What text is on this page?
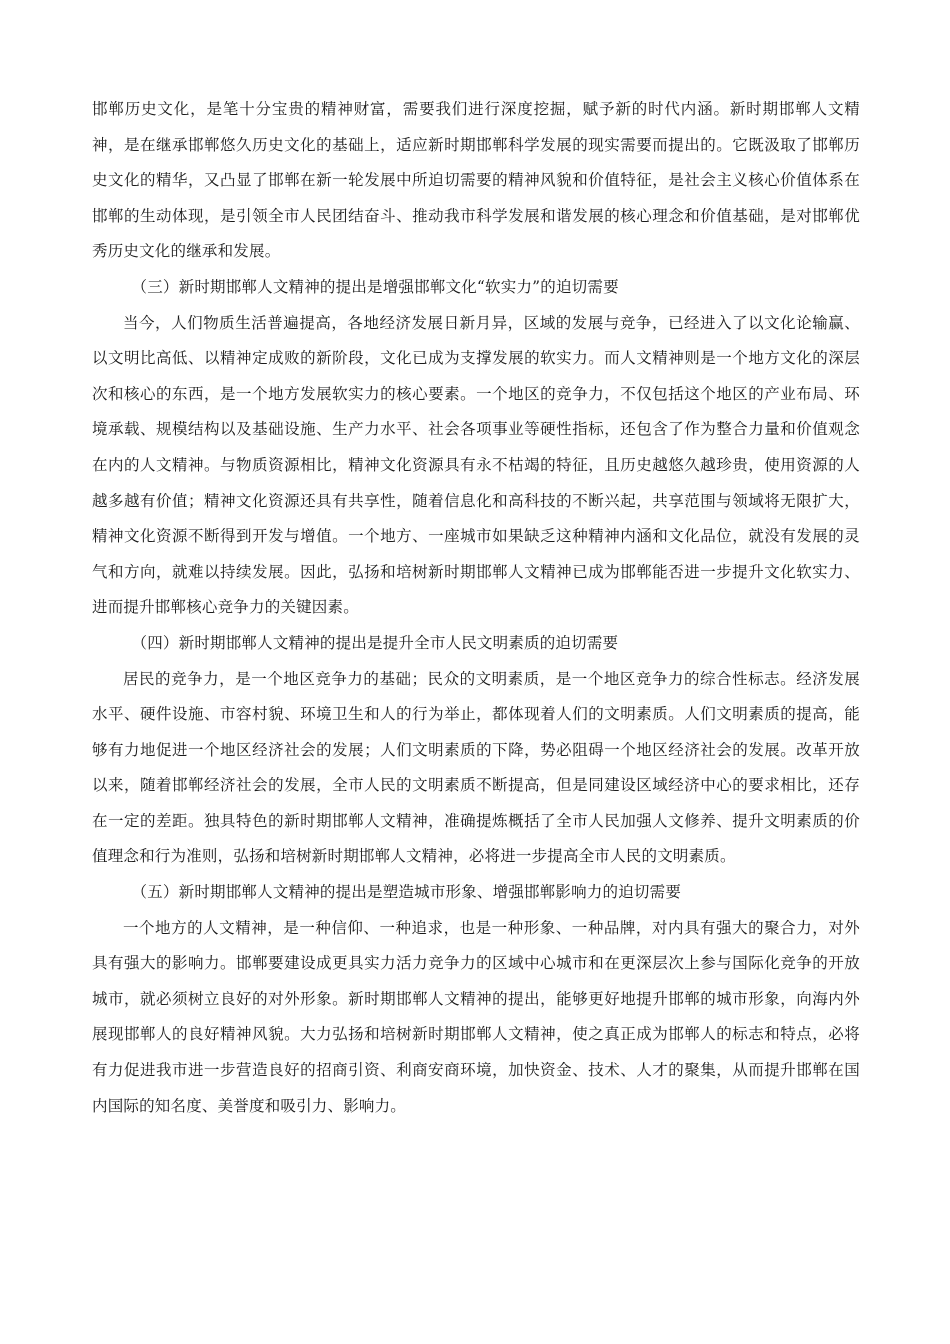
邯郸历史文化，是笔十分宝贵的精神财富，需要我们进行深度挖掘，赋予新的时代内涵。新时期邯郸人文精神，是在继承邯郸悠久历史文化的基础上，适应新时期邯郸科学发展的现实需要而提出的。它既汲取了邯郸历史文化的精华，又凸显了邯郸在新一轮发展中所迫切需要的精神风貌和价值特征，是社会主义核心价值体系在邯郸的生动体现，是引领全市人民团结奋斗、推动我市科学发展和谐发展的核心理念和价值基础，是对邯郸优秀历史文化的继承和发展。

（三）新时期邯郸人文精神的提出是增强邯郸文化“软实力”的迫切需要

当今，人们物质生活普遍提高，各地经济发展日新月异，区域的发展与竞争，已经进入了以文化论输赢、以文明比高低、以精神定成败的新阶段，文化已成为支撑发展的软实力。而人文精神则是一个地方文化的深层次和核心的东西，是一个地方发展软实力的核心要素。一个地区的竞争力，不仅包括这个地区的产业布局、环境承载、规模结构以及基础设施、生产力水平、社会各项事业等硬性指标，还包含了作为整合力量和价值观念在内的人文精神。与物质资源相比，精神文化资源具有永不枯竭的特征，且历史越悠久越珍贵，使用资源的人越多越有价值；精神文化资源还具有共享性，随着信息化和高科技的不断兴起，共享范围与领域将无限扩大，精神文化资源不断得到开发与增值。一个地方、一座城市如果缺乏这种精神内涵和文化品位，就没有发展的灵气和方向，就难以持续发展。因此，弘扬和培树新时期邯郸人文精神已成为邯郸能否进一步提升文化软实力、进而提升邯郸核心竞争力的关键因素。

（四）新时期邯郸人文精神的提出是提升全市人民文明素质的迫切需要

居民的竞争力，是一个地区竞争力的基础；民众的文明素质，是一个地区竞争力的综合性标志。经济发展水平、硬件设施、市容村貌、环境卫生和人的行为举止，都体现着人们的文明素质。人们文明素质的提高，能够有力地促进一个地区经济社会的发展；人们文明素质的下降，势必阻碍一个地区经济社会的发展。改革开放以来，随着邯郸经济社会的发展，全市人民的文明素质不断提高，但是同建设区域经济中心的要求相比，还存在一定的差距。独具特色的新时期邯郸人文精神，准确提炼概括了全市人民加强人文修养、提升文明素质的价值理念和行为准则，弘扬和培树新时期邯郸人文精神，必将进一步提高全市人民的文明素质。

（五）新时期邯郸人文精神的提出是塑造城市形象、增强邯郸影响力的迫切需要

一个地方的人文精神，是一种信仰、一种追求，也是一种形象、一种品牌，对内具有强大的聚合力，对外具有强大的影响力。邯郸要建设成更具实力活力竞争力的区域中心城市和在更深层次上参与国际化竞争的开放城市，就必须树立良好的对外形象。新时期邯郸人文精神的提出，能够更好地提升邯郸的城市形象，向海内外展现邯郸人的良好精神风貌。大力弘扬和培树新时期邯郸人文精神，使之真正成为邯郸人的标志和特点，必将有力促进我市进一步营造良好的招商引资、利商安商环境，加快资金、技术、人才的聚集，从而提升邯郸在国内国际的知名度、美誉度和吸引力、影响力。
